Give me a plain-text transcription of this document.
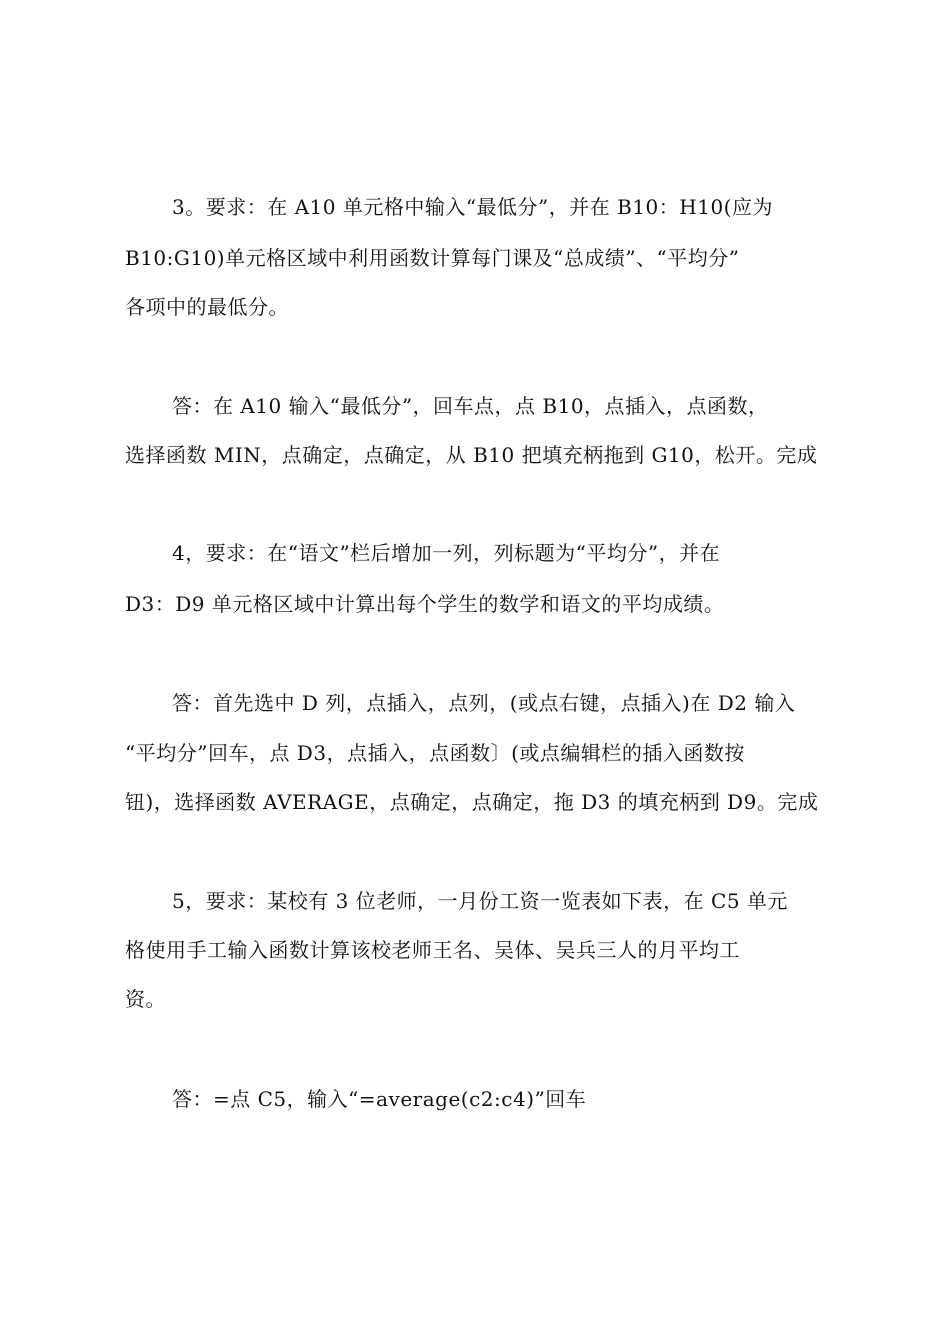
3。要求：在 A10 单元格中输入“最低分”，并在 B10：H10(应为
B10:G10)单元格区域中利用函数计算每门课及“总成绩”、“平均分”
各项中的最低分。
答：在 A10 输入“最低分”，回车点，点 B10，点插入，点函数，
选择函数 MIN，点确定，点确定，从 B10 把填充柄拖到 G10，松开。完成
4，要求：在“语文”栏后增加一列，列标题为“平均分”，并在
D3：D9 单元格区域中计算出每个学生的数学和语文的平均成绩。
答：首先选中 D 列，点插入，点列，(或点右键，点插入)在 D2 输入
“平均分”回车，点 D3，点插入，点函数〕(或点编辑栏的插入函数按
钮)，选择函数 AVERAGE，点确定，点确定，拖 D3 的填充柄到 D9。完成
5，要求：某校有 3 位老师，一月份工资一览表如下表，在 C5 单元
格使用手工输入函数计算该校老师王名、吴体、吴兵三人的月平均工
资。
答：=点 C5，输入“=average(c2:c4)”回车
